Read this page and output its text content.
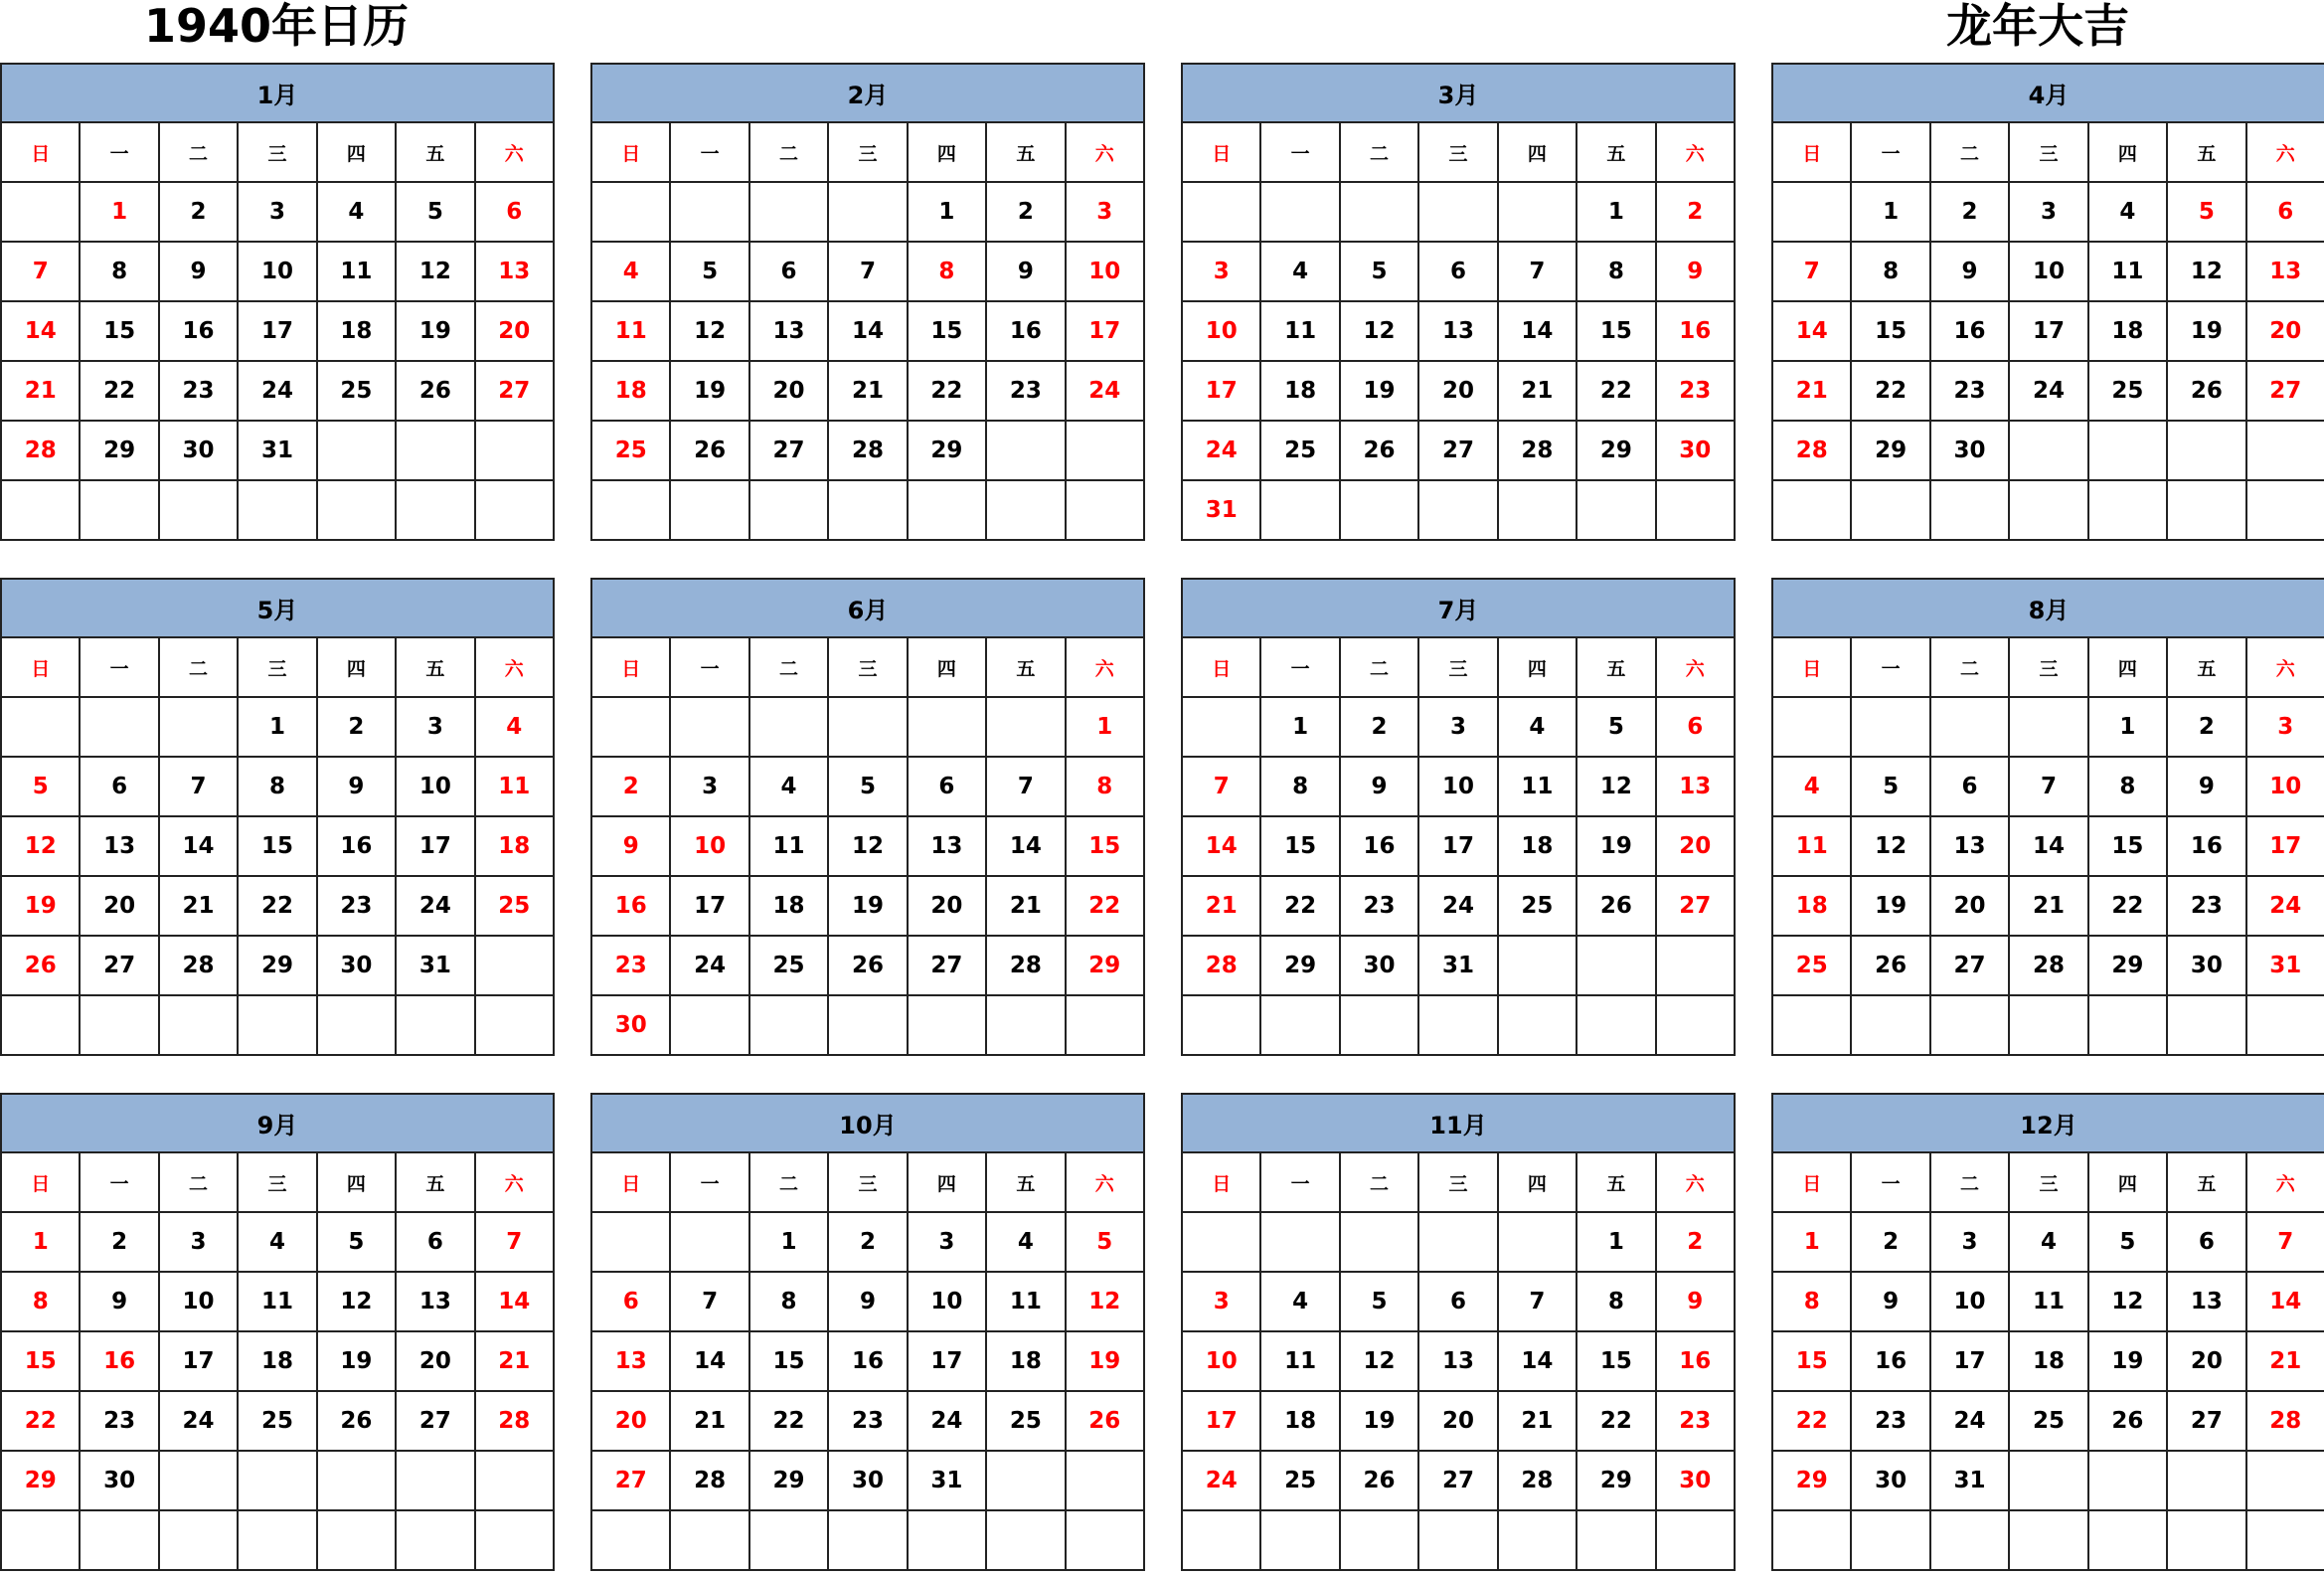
1940年日历	龙年大吉
1月						
日	一	二	三	四	五	六
	1	2	3	4	5	6
7	8	9	10	11	12	13
14	15	16	17	18	19	20
21	22	23	24	25	26	27
28	29	30	31			

2月						
日	一	二	三	四	五	六
				1	2	3
4	5	6	7	8	9	10
11	12	13	14	15	16	17
18	19	20	21	22	23	24
25	26	27	28	29		

3月						
日	一	二	三	四	五	六
					1	2
3	4	5	6	7	8	9
10	11	12	13	14	15	16
17	18	19	20	21	22	23
24	25	26	27	28	29	30
31						
4月						
日	一	二	三	四	五	六
	1	2	3	4	5	6
7	8	9	10	11	12	13
14	15	16	17	18	19	20
21	22	23	24	25	26	27
28	29	30				

5月						
日	一	二	三	四	五	六
			1	2	3	4
5	6	7	8	9	10	11
12	13	14	15	16	17	18
19	20	21	22	23	24	25
26	27	28	29	30	31	

6月						
日	一	二	三	四	五	六
						1
2	3	4	5	6	7	8
9	10	11	12	13	14	15
16	17	18	19	20	21	22
23	24	25	26	27	28	29
30						
7月						
日	一	二	三	四	五	六
	1	2	3	4	5	6
7	8	9	10	11	12	13
14	15	16	17	18	19	20
21	22	23	24	25	26	27
28	29	30	31			

8月						
日	一	二	三	四	五	六
				1	2	3
4	5	6	7	8	9	10
11	12	13	14	15	16	17
18	19	20	21	22	23	24
25	26	27	28	29	30	31

9月						
日	一	二	三	四	五	六
1	2	3	4	5	6	7
8	9	10	11	12	13	14
15	16	17	18	19	20	21
22	23	24	25	26	27	28
29	30					

10月						
日	一	二	三	四	五	六
		1	2	3	4	5
6	7	8	9	10	11	12
13	14	15	16	17	18	19
20	21	22	23	24	25	26
27	28	29	30	31		

11月						
日	一	二	三	四	五	六
					1	2
3	4	5	6	7	8	9
10	11	12	13	14	15	16
17	18	19	20	21	22	23
24	25	26	27	28	29	30

12月						
日	一	二	三	四	五	六
1	2	3	4	5	6	7
8	9	10	11	12	13	14
15	16	17	18	19	20	21
22	23	24	25	26	27	28
29	30	31				
